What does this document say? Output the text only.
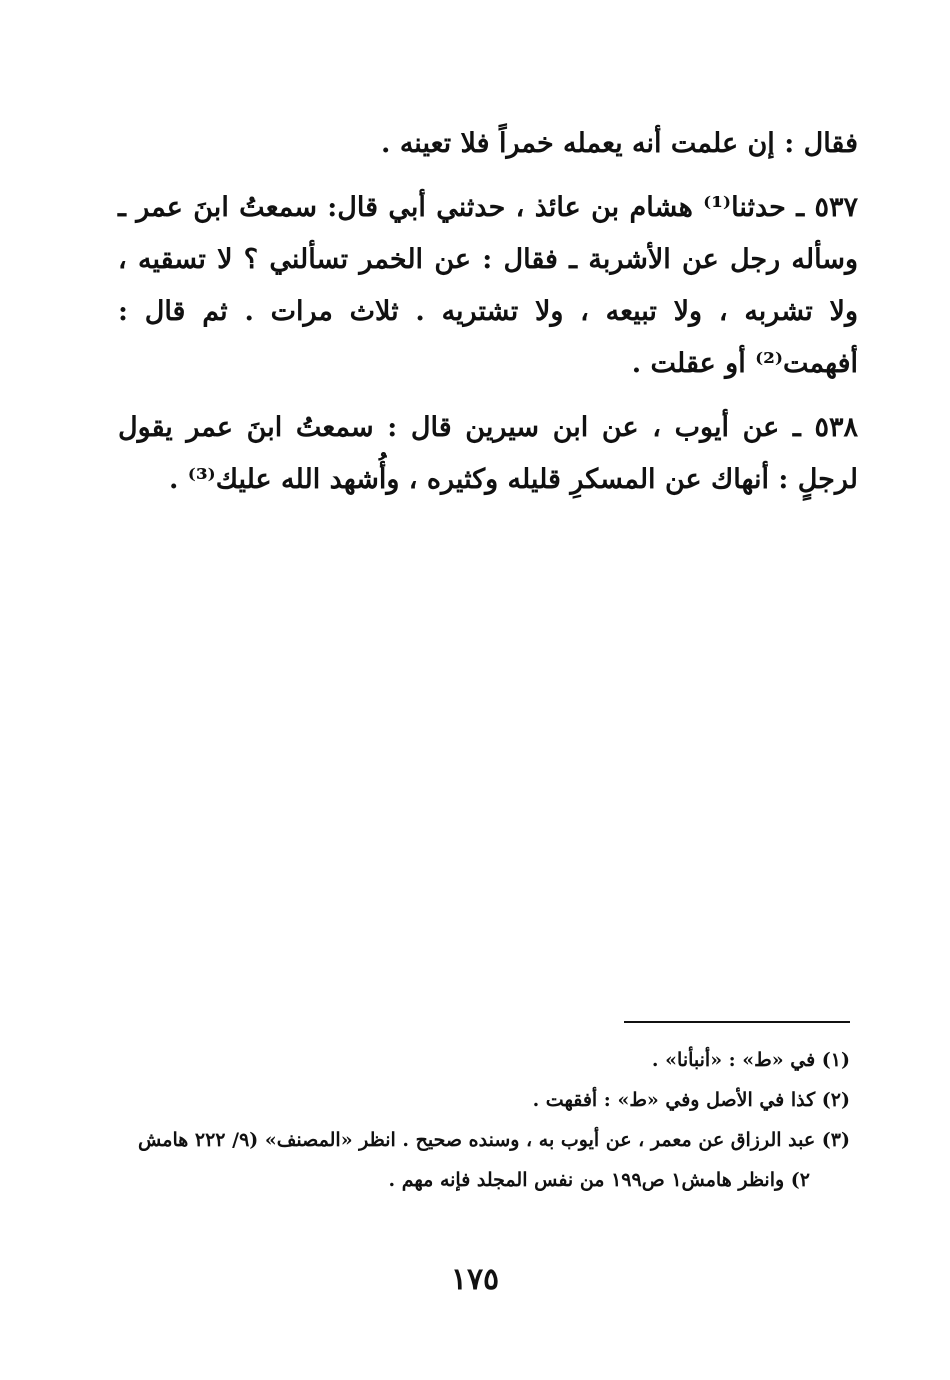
فقال : إن علمت أنه يعمله خمراً فلا تعينه .

٥٣٧ ـ حدثنا⁽¹⁾ هشام بن عائذ ، حدثني أبي قال: سمعتُ ابنَ عمر ـ وسأله رجل عن الأشربة ـ فقال : عن الخمر تسألني ؟ لا تسقيه ، ولا تشربه ، ولا تبيعه ، ولا تشتريه . ثلاث مرات . ثم قال : أفهمت⁽²⁾ أو عقلت .

٥٣٨ ـ عن أيوب ، عن ابن سيرين قال : سمعتُ ابنَ عمر يقول لرجلٍ : أنهاك عن المسكرِ قليله وكثيره ، وأُشهد الله عليك⁽³⁾ .

(١) في «ط» : «أنبأنا» .

(٢) كذا في الأصل وفي «ط» : أفقهت .

(٣) عبد الرزاق عن معمر ، عن أيوب به ، وسنده صحيح . انظر «المصنف» (٩/ ٢٢٢ هامش

٢) وانظر هامش١ ص١٩٩ من نفس المجلد فإنه مهم .

١٧٥
